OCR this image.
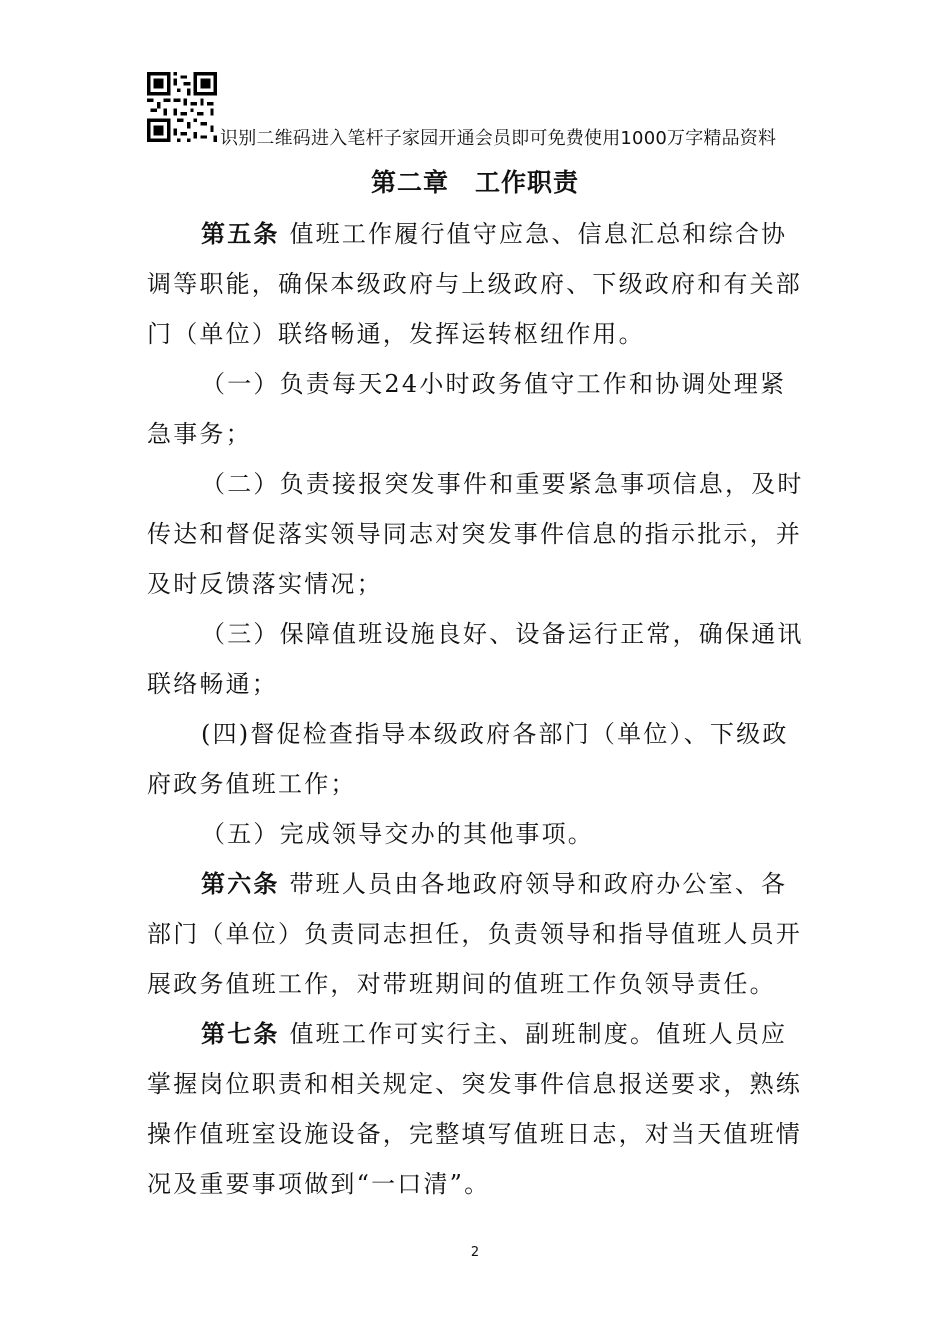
识别二维码进入笔杆子家园开通会员即可免费使用1000万字精品资料
第二章　工作职责

第五条 值班工作履行值守应急、信息汇总和综合协调等职能，确保本级政府与上级政府、下级政府和有关部门（单位）联络畅通，发挥运转枢纽作用。

（一）负责每天24小时政务值守工作和协调处理紧急事务；

（二）负责接报突发事件和重要紧急事项信息，及时传达和督促落实领导同志对突发事件信息的指示批示，并及时反馈落实情况；

（三）保障值班设施良好、设备运行正常，确保通讯联络畅通；

(四)督促检查指导本级政府各部门（单位）、下级政府政务值班工作；

（五）完成领导交办的其他事项。

第六条 带班人员由各地政府领导和政府办公室、各部门（单位）负责同志担任，负责领导和指导值班人员开展政务值班工作，对带班期间的值班工作负领导责任。

第七条 值班工作可实行主、副班制度。值班人员应掌握岗位职责和相关规定、突发事件信息报送要求，熟练操作值班室设施设备，完整填写值班日志，对当天值班情况及重要事项做到“一口清”。

2
